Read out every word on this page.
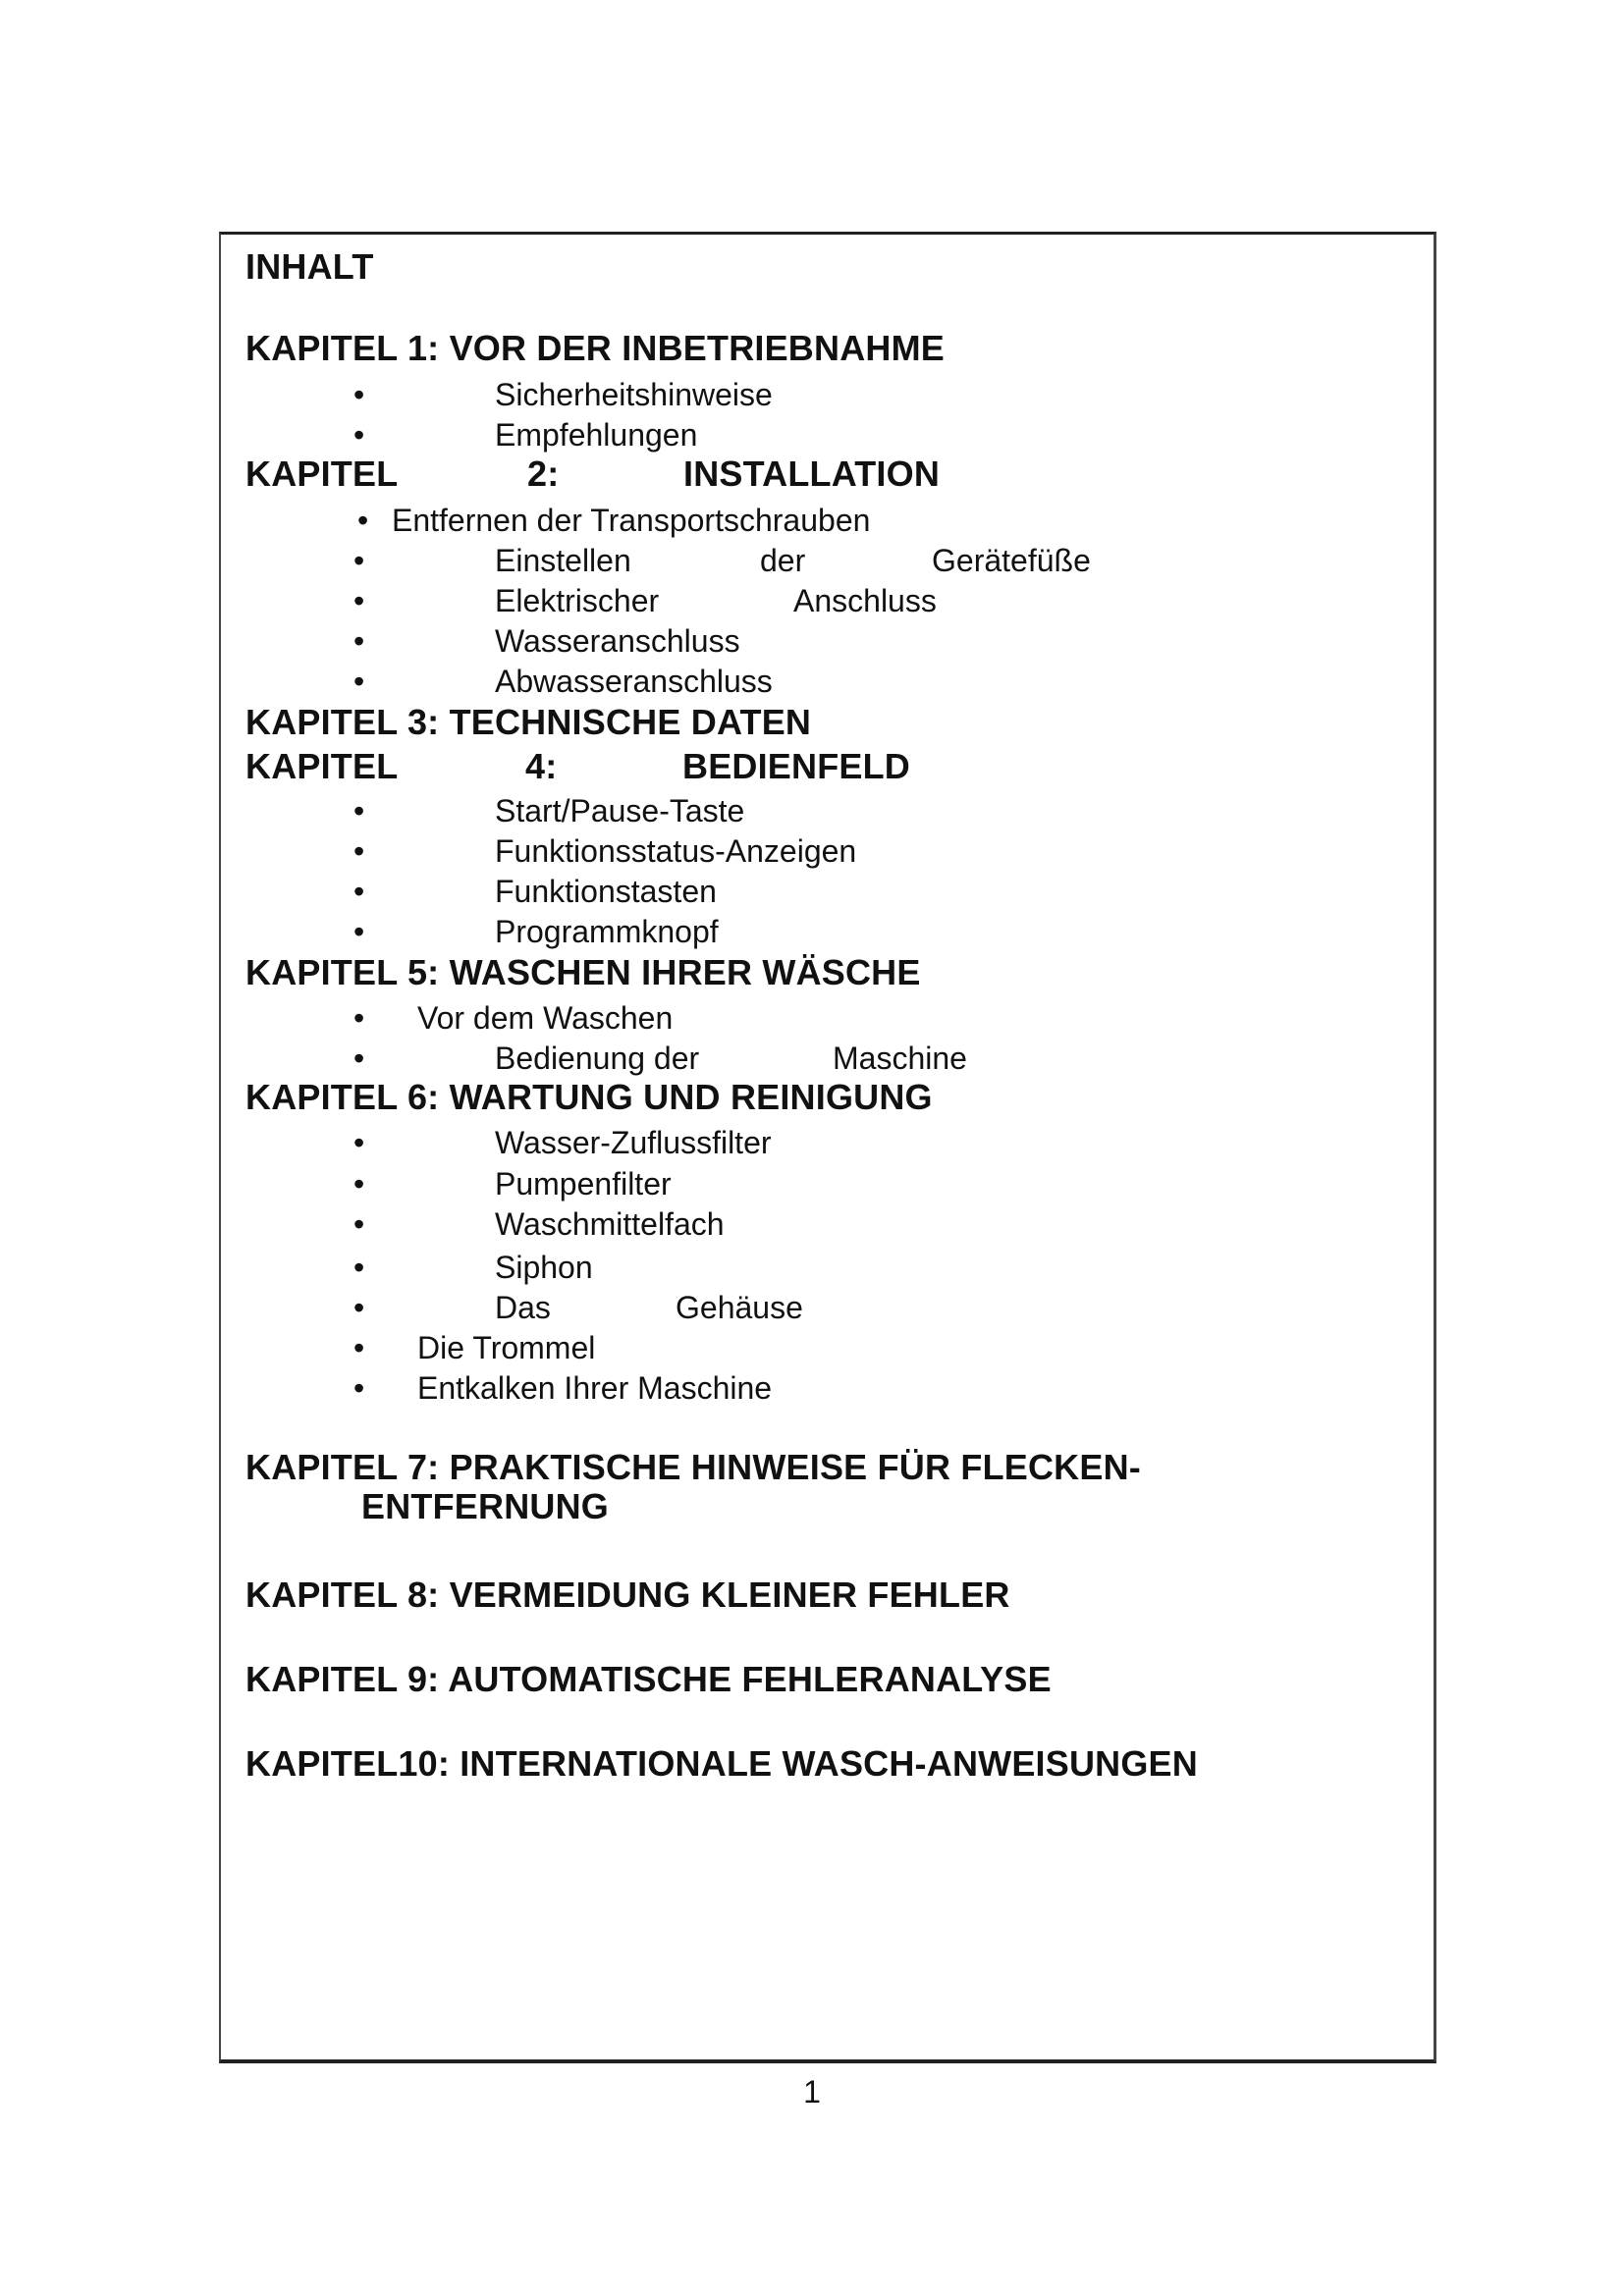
INHALT
KAPITEL 1: VOR DER INBETRIEBNAHME
•	Sicherheitshinweise
•	Empfehlungen
KAPITEL	2:	INSTALLATION
• Entfernen der Transportschrauben
•	Einstellen	der	Gerätefüße
•	Elektrischer	Anschluss
•	Wasseranschluss
•	Abwasseranschluss
KAPITEL 3: TECHNISCHE DATEN
KAPITEL	4:	BEDIENFELD
•	Start/Pause-Taste
•	Funktionsstatus-Anzeigen
•	Funktionstasten
•	Programmknopf
KAPITEL 5: WASCHEN IHRER WÄSCHE
• Vor dem Waschen
•	Bedienung der	Maschine
KAPITEL 6: WARTUNG UND REINIGUNG
•	Wasser-Zuflussfilter
•	Pumpenfilter
•	Waschmittelfach
•	Siphon
•	Das	Gehäuse
• Die Trommel
• Entkalken Ihrer Maschine
KAPITEL 7: PRAKTISCHE HINWEISE FÜR FLECKEN-
ENTFERNUNG
KAPITEL 8: VERMEIDUNG KLEINER FEHLER
KAPITEL 9: AUTOMATISCHE FEHLERANALYSE
KAPITEL10: INTERNATIONALE WASCH-ANWEISUNGEN
1
